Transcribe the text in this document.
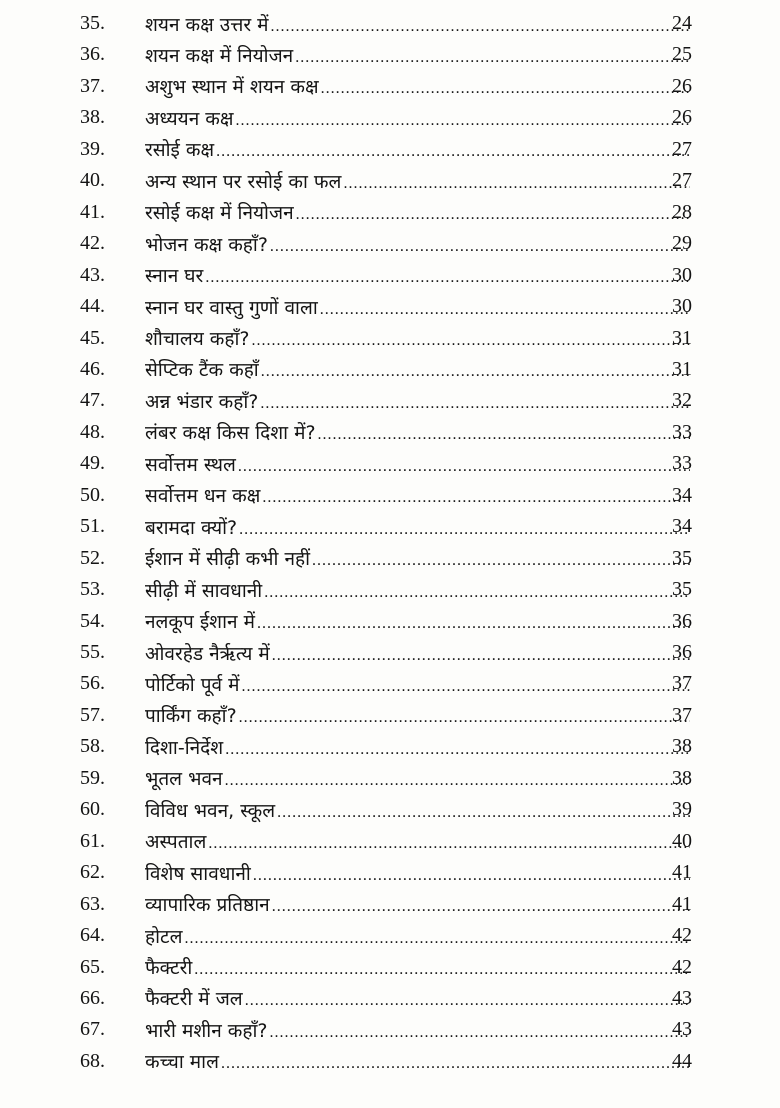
35.	शयन कक्ष उत्तर में .....	24
36.	शयन कक्ष में नियोजन .....	25
37.	अशुभ स्थान में शयन कक्ष .....	26
38.	अध्ययन कक्ष .....	26
39.	रसोई कक्ष .....	27
40.	अन्य स्थान पर रसोई का फल .....	27
41.	रसोई कक्ष में नियोजन .....	28
42.	भोजन कक्ष कहाँ? .....	29
43.	स्नान घर .....	30
44.	स्नान घर वास्तु गुणों वाला .....	30
45.	शौचालय कहाँ? .....	31
46.	सेप्टिक टैंक कहाँ .....	31
47.	अन्न भंडार कहाँ? .....	32
48.	लंबर कक्ष किस दिशा में? .....	33
49.	सर्वोत्तम स्थल .....	33
50.	सर्वोत्तम धन कक्ष .....	34
51.	बरामदा क्यों? .....	34
52.	ईशान में सीढ़ी कभी नहीं .....	35
53.	सीढ़ी में सावधानी .....	35
54.	नलकूप ईशान में .....	36
55.	ओवरहेड नैर्ऋत्य में .....	36
56.	पोर्टिको पूर्व में .....	37
57.	पार्किंग कहाँ? .....	37
58.	दिशा-निर्देश .....	38
59.	भूतल भवन .....	38
60.	विविध भवन, स्कूल .....	39
61.	अस्पताल .....	40
62.	विशेष सावधानी .....	41
63.	व्यापारिक प्रतिष्ठान .....	41
64.	होटल .....	42
65.	फैक्टरी .....	42
66.	फैक्टरी में जल .....	43
67.	भारी मशीन कहाँ? .....	43
68.	कच्चा माल .....	44
